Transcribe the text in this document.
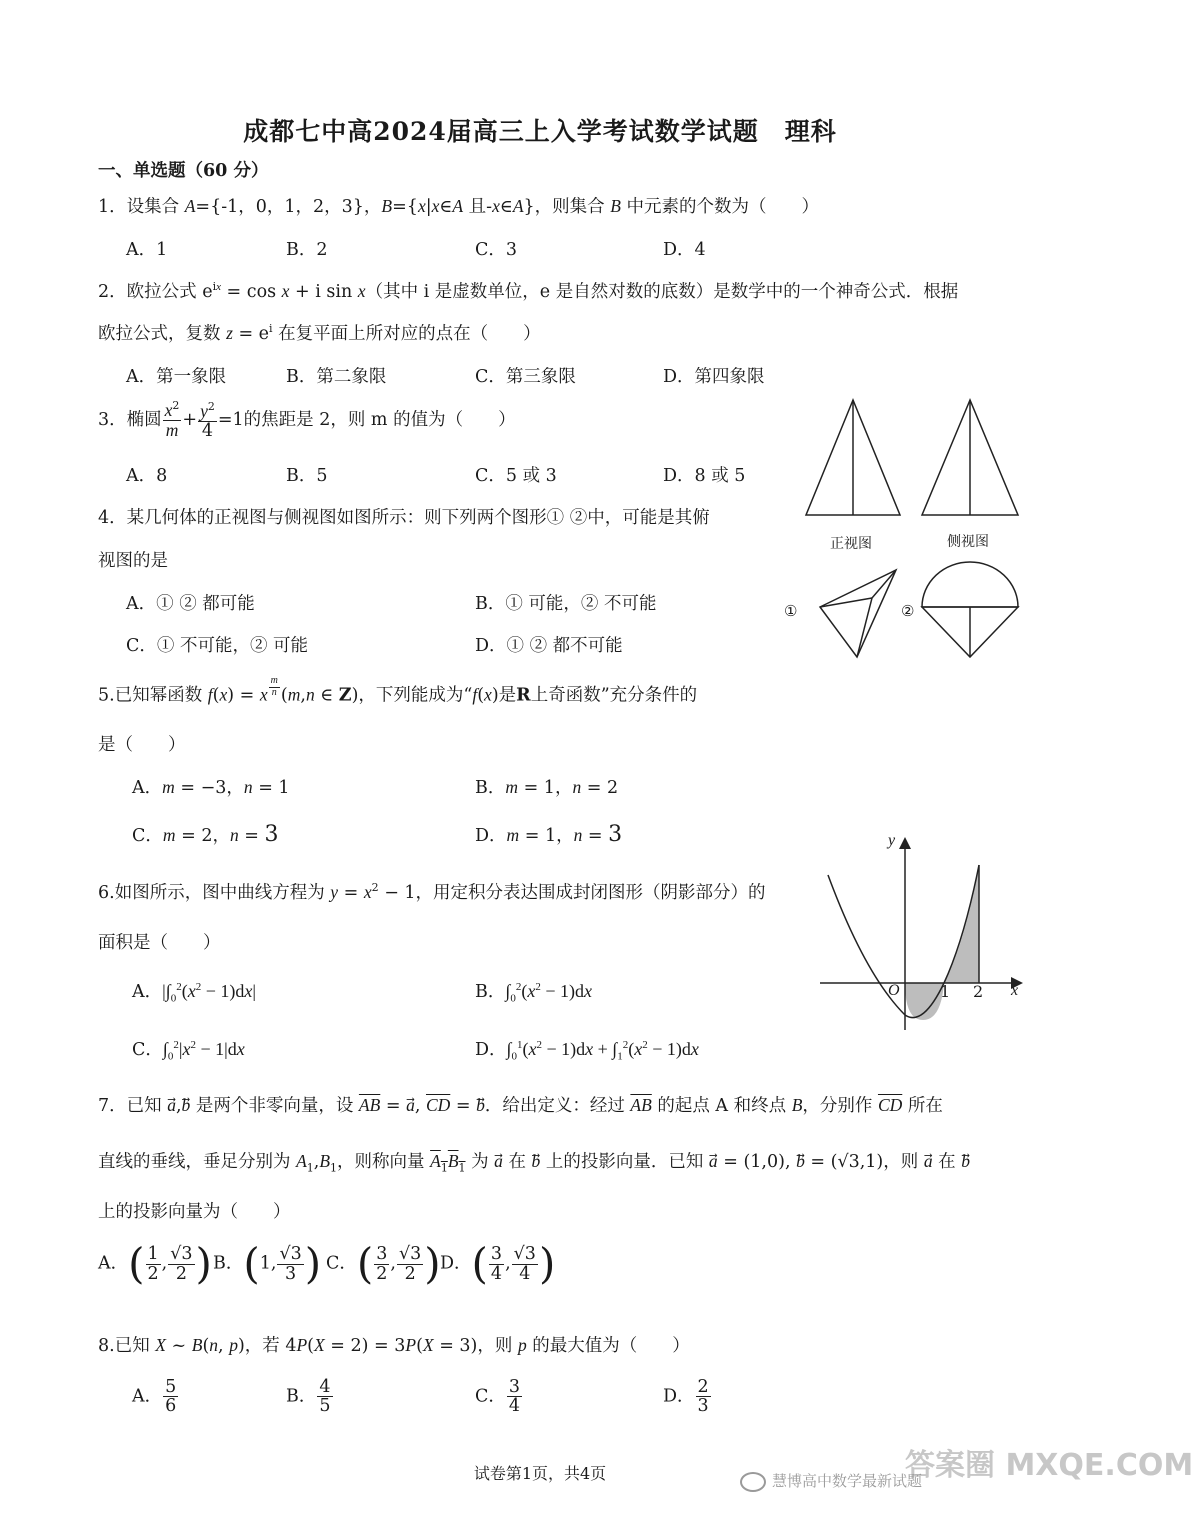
成都七中高2024届高三上入学考试数学试题　理科
一、单选题（60 分）
1．设集合 A={-1，0，1，2，3}，B={x|x∈A 且-x∈A}，则集合 B 中元素的个数为（　　）
A．1	B．2	C．3	D．4
2．欧拉公式 $e^{ix} = \cos x + i$ sin x（其中 i 是虚数单位，e 是自然对数的底数）是数学中的一个神奇公式．根据
欧拉公式，复数 $z = e^i$ 在复平面上所对应的点在（　　）
A．第一象限	B．第二象限	C．第三象限	D．第四象限
3．椭圆 $\frac{x^2}{m} + \frac{y^2}{4} =1$的焦距是 2，则 m 的值为（　　）
A．8	B．5	C．5 或 3	D．8 或 5
4．某几何体的正视图与侧视图如图所示：则下列两个图形① ②中，可能是其俯
视图的是
A．① ② 都可能	B．① 可能，② 不可能
C．① 不可能，② 可能	D．① ② 都不可能
正视图	侧视图
①	②
5.已知幂函数 f(x) = x $^{\frac{m}{n}}$ (m,n ∈ Z)，下列能成为“f(x)是R上奇函数”充分条件的
是（　　）
A．m = −3，n = 1	B．m = 1，n = 2
C．m = 2，n = 3	D．m = 1，n = 3
6.如图所示，图中曲线方程为 $y = x^2 - 1$，用定积分表达围成封闭图形（阴影部分）的
面积是（　　）
A．$|\int_0^2(x^2 - 1)dx|$	B．$\int_0^2(x^2 - 1)dx$
C．$\int_0^2|x^2 - 1|dx$	D．$\int_0^1(x^2 - 1)dx + \int_1^2(x^2 - 1)dx$
y
x
O	1 2
7．已知 a⃗,b⃗ 是两个非零向量，设 $\overline{AB}$ = a⃗, $\overline{CD}$ = b⃗．给出定义：经过 $\overline{AB}$ 的起点 A 和终点 B，分别作 $\overline{CD}$ 所在
直线的垂线，垂足分别为 $A_1,B_1$，则称向量 $A_1B_1$ 为 a⃗ 在 b⃗ 上的投影向量．已知 a⃗ = (1,0), b⃗ = (√3,1)，则 a⃗ 在 b
上的投影向量为（　　）
A．( $\frac{1}{2}$ , $\frac{√3}{2}$ ) B．(1, $\frac{√3}{3}$ ) C．( $\frac{3}{2}$ , $\frac{√3}{2}$ ) D．( $\frac{3}{4}$ , $\frac{√3}{4}$ )
8.已知 X ~ B(n, p)，若 4P(X = 2) = 3P(X = 3)，则 p 的最大值为（　　）
A． $\frac{5}{6}$	B． $\frac{4}{5}$	C． $\frac{3}{4}$	D． $\frac{2}{3}$
试卷第1页，共4页	慧博高中数学最新试题
答案圈 MXQE.COM
